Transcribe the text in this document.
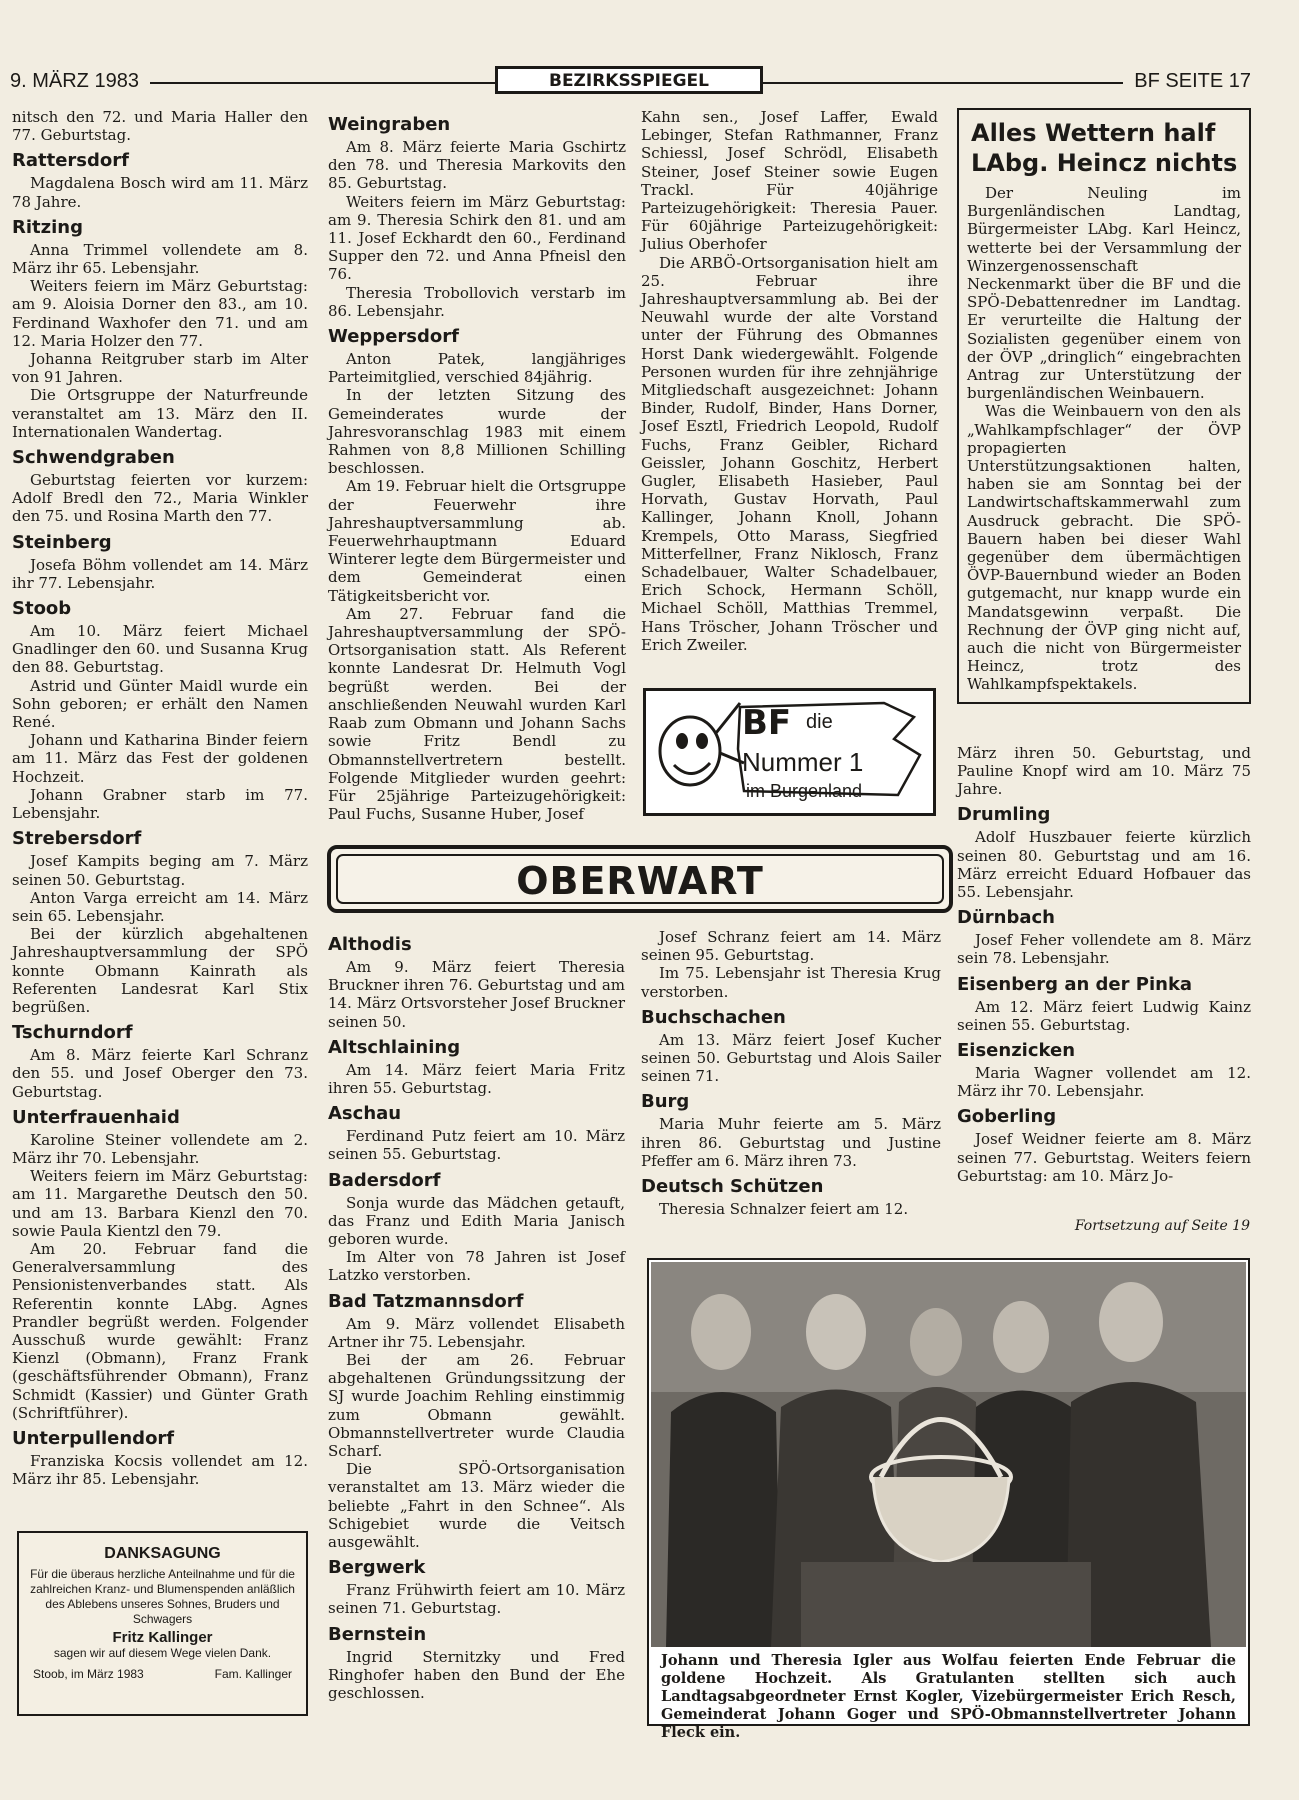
9. MÄRZ 1983	BEZIRKSSPIEGEL	BF SEITE 17

nitsch den 72. und Maria Haller den 77. Geburtstag.

Rattersdorf

Magdalena Bosch wird am 11. März 78 Jahre.

Ritzing

Anna Trimmel vollendete am 8. März ihr 65. Lebensjahr.

Weiters feiern im März Geburtstag: am 9. Aloisia Dorner den 83., am 10. Ferdinand Waxhofer den 71. und am 12. Maria Holzer den 77.

Johanna Reitgruber starb im Alter von 91 Jahren.

Die Ortsgruppe der Naturfreunde veranstaltet am 13. März den II. Internationalen Wandertag.

Schwendgraben

Geburtstag feierten vor kurzem: Adolf Bredl den 72., Maria Winkler den 75. und Rosina Marth den 77.

Steinberg

Josefa Böhm vollendet am 14. März ihr 77. Lebensjahr.

Stoob

Am 10. März feiert Michael Gnadlinger den 60. und Susanna Krug den 88. Geburtstag.

Astrid und Günter Maidl wurde ein Sohn geboren; er erhält den Namen René.

Johann und Katharina Binder feiern am 11. März das Fest der goldenen Hochzeit.

Johann Grabner starb im 77. Lebensjahr.

Strebersdorf

Josef Kampits beging am 7. März seinen 50. Geburtstag.

Anton Varga erreicht am 14. März sein 65. Lebensjahr.

Bei der kürzlich abgehaltenen Jahreshauptversammlung der SPÖ konnte Obmann Kainrath als Referenten Landesrat Karl Stix begrüßen.

Tschurndorf

Am 8. März feierte Karl Schranz den 55. und Josef Oberger den 73. Geburtstag.

Unterfrauenhaid

Karoline Steiner vollendete am 2. März ihr 70. Lebensjahr.

Weiters feiern im März Geburtstag: am 11. Margarethe Deutsch den 50. und am 13. Barbara Kienzl den 70. sowie Paula Kientzl den 79.

Am 20. Februar fand die Generalversammlung des Pensionistenverbandes statt. Als Referentin konnte LAbg. Agnes Prandler begrüßt werden. Folgender Ausschuß wurde gewählt: Franz Kienzl (Obmann), Franz Frank (geschäftsführender Obmann), Franz Schmidt (Kassier) und Günter Grath (Schriftführer).

Unterpullendorf

Franziska Kocsis vollendet am 12. März ihr 85. Lebensjahr.

Weingraben

Am 8. März feierte Maria Gschirtz den 78. und Theresia Markovits den 85. Geburtstag.

Weiters feiern im März Geburtstag: am 9. Theresia Schirk den 81. und am 11. Josef Eckhardt den 60., Ferdinand Supper den 72. und Anna Pfneisl den 76.

Theresia Trobollovich verstarb im 86. Lebensjahr.

Weppersdorf

Anton Patek, langjähriges Parteimitglied, verschied 84jährig.

In der letzten Sitzung des Gemeinderates wurde der Jahresvoranschlag 1983 mit einem Rahmen von 8,8 Millionen Schilling beschlossen.

Am 19. Februar hielt die Ortsgruppe der Feuerwehr ihre Jahreshauptversammlung ab. Feuerwehrhauptmann Eduard Winterer legte dem Bürgermeister und dem Gemeinderat einen Tätigkeitsbericht vor.

Am 27. Februar fand die Jahreshauptversammlung der SPÖ-Ortsorganisation statt. Als Referent konnte Landesrat Dr. Helmuth Vogl begrüßt werden. Bei der anschließenden Neuwahl wurden Karl Raab zum Obmann und Johann Sachs sowie Fritz Bendl zu Obmannstellvertretern bestellt. Folgende Mitglieder wurden geehrt: Für 25jährige Parteizugehörigkeit: Paul Fuchs, Susanne Huber, Josef

Kahn sen., Josef Laffer, Ewald Lebinger, Stefan Rathmanner, Franz Schiessl, Josef Schrödl, Elisabeth Steiner, Josef Steiner sowie Eugen Trackl. Für 40jährige Parteizugehörigkeit: Theresia Pauer. Für 60jährige Parteizugehörigkeit: Julius Oberhofer

Die ARBÖ-Ortsorganisation hielt am 25. Februar ihre Jahreshauptversammlung ab. Bei der Neuwahl wurde der alte Vorstand unter der Führung des Obmannes Horst Dank wiedergewählt. Folgende Personen wurden für ihre zehnjährige Mitgliedschaft ausgezeichnet: Johann Binder, Rudolf, Binder, Hans Dorner, Josef Esztl, Friedrich Leopold, Rudolf Fuchs, Franz Geibler, Richard Geissler, Johann Goschitz, Herbert Gugler, Elisabeth Hasieber, Paul Horvath, Gustav Horvath, Paul Kallinger, Johann Knoll, Johann Krempels, Otto Marass, Siegfried Mitterfellner, Franz Niklosch, Franz Schadelbauer, Walter Schadelbauer, Erich Schock, Hermann Schöll, Michael Schöll, Matthias Tremmel, Hans Tröscher, Johann Tröscher und Erich Zweiler.

Alles Wettern half LAbg. Heincz nichts

Der Neuling im Burgenländischen Landtag, Bürgermeister LAbg. Karl Heincz, wetterte bei der Versammlung der Winzergenossenschaft Neckenmarkt über die BF und die SPÖ-Debattenredner im Landtag. Er verurteilte die Haltung der Sozialisten gegenüber einem von der ÖVP „dringlich“ eingebrachten Antrag zur Unterstützung der burgenländischen Weinbauern.

Was die Weinbauern von den als „Wahlkampfschlager“ der ÖVP propagierten Unterstützungsaktionen halten, haben sie am Sonntag bei der Landwirtschaftskammerwahl zum Ausdruck gebracht. Die SPÖ-Bauern haben bei dieser Wahl gegenüber dem übermächtigen ÖVP-Bauernbund wieder an Boden gutgemacht, nur knapp wurde ein Mandatsgewinn verpaßt. Die Rechnung der ÖVP ging nicht auf, auch die nicht von Bürgermeister Heincz, trotz des Wahlkampfspektakels.

März ihren 50. Geburtstag, und Pauline Knopf wird am 10. März 75 Jahre.

Drumling

Adolf Huszbauer feierte kürzlich seinen 80. Geburtstag und am 16. März erreicht Eduard Hofbauer das 55. Lebensjahr.

Dürnbach

Josef Feher vollendete am 8. März sein 78. Lebensjahr.

Eisenberg an der Pinka

Am 12. März feiert Ludwig Kainz seinen 55. Geburtstag.

Eisenzicken

Maria Wagner vollendet am 12. März ihr 70. Lebensjahr.

Goberling

Josef Weidner feierte am 8. März seinen 77. Geburtstag. Weiters feiern Geburtstag: am 10. März Jo-

BF die
Nummer 1
im Burgenland
OBERWART
Althodis

Am 9. März feiert Theresia Bruckner ihren 76. Geburtstag und am 14. März Ortsvorsteher Josef Bruckner seinen 50.

Altschlaining

Am 14. März feiert Maria Fritz ihren 55. Geburtstag.

Aschau

Ferdinand Putz feiert am 10. März seinen 55. Geburtstag.

Badersdorf

Sonja wurde das Mädchen getauft, das Franz und Edith Maria Janisch geboren wurde.

Im Alter von 78 Jahren ist Josef Latzko verstorben.

Bad Tatzmannsdorf

Am 9. März vollendet Elisabeth Artner ihr 75. Lebensjahr.

Bei der am 26. Februar abgehaltenen Gründungssitzung der SJ wurde Joachim Rehling einstimmig zum Obmann gewählt. Obmannstellvertreter wurde Claudia Scharf.

Die SPÖ-Ortsorganisation veranstaltet am 13. März wieder die beliebte „Fahrt in den Schnee“. Als Schigebiet wurde die Veitsch ausgewählt.

Bergwerk

Franz Frühwirth feiert am 10. März seinen 71. Geburtstag.

Bernstein

Ingrid Sternitzky und Fred Ringhofer haben den Bund der Ehe geschlossen.

Josef Schranz feiert am 14. März seinen 95. Geburtstag.

Im 75. Lebensjahr ist Theresia Krug verstorben.

Buchschachen

Am 13. März feiert Josef Kucher seinen 50. Geburtstag und Alois Sailer seinen 71.

Burg

Maria Muhr feierte am 5. März ihren 86. Geburtstag und Justine Pfeffer am 6. März ihren 73.

Deutsch Schützen

Theresia Schnalzer feiert am 12.

Fortsetzung auf Seite 19
DANKSAGUNG
Für die überaus herzliche Anteilnahme und für die zahlreichen Kranz- und Blumenspenden anläßlich des Ablebens unseres Sohnes, Bruders und Schwagers
Fritz Kallinger
sagen wir auf diesem Wege vielen Dank.
Stoob, im März 1983	Fam. Kallinger
Johann und Theresia Igler aus Wolfau feierten Ende Februar die goldene Hochzeit. Als Gratulanten stellten sich auch Landtagsabgeordneter Ernst Kogler, Vizebürgermeister Erich Resch, Gemeinderat Johann Goger und SPÖ-Obmannstellvertreter Johann Fleck ein.
